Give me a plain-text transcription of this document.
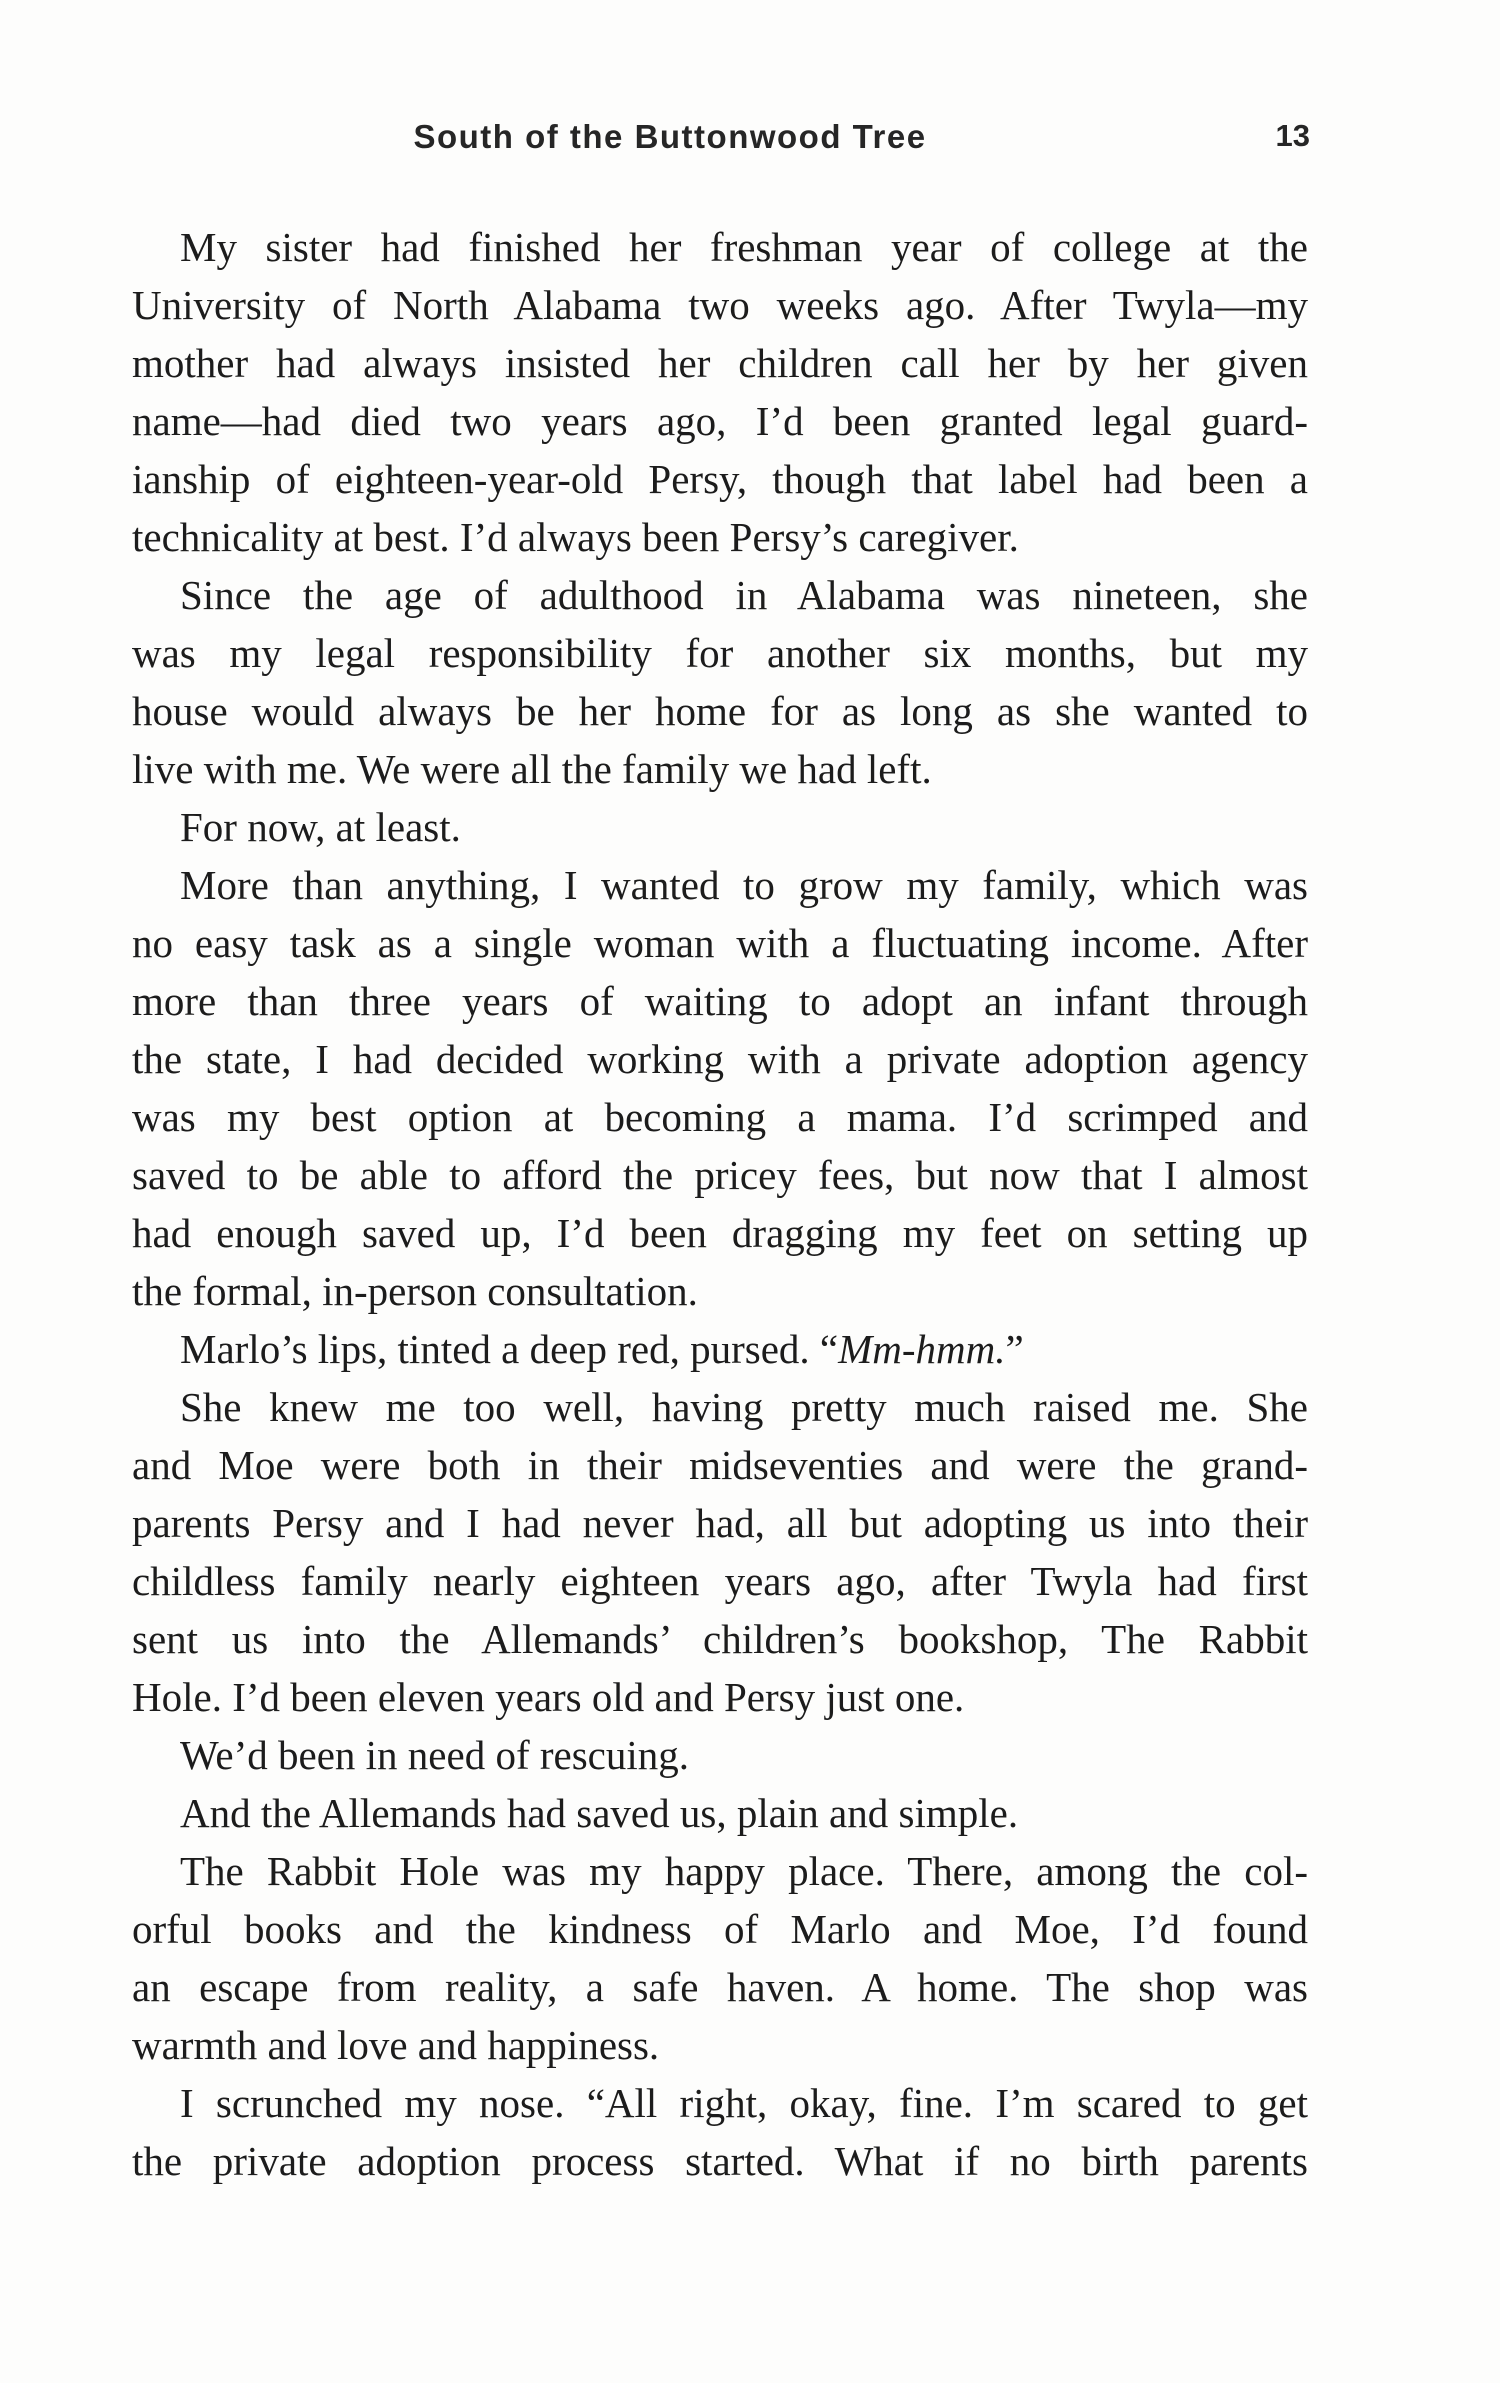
South of the Buttonwood Tree	13
My sister had finished her freshman year of college at the
University of North Alabama two weeks ago. After Twyla—my
mother had always insisted her children call her by her given
name—had died two years ago, I’d been granted legal guard-
ianship of eighteen-year-old Persy, though that label had been a
technicality at best. I’d always been Persy’s caregiver.
Since the age of adulthood in Alabama was nineteen, she
was my legal responsibility for another six months, but my
house would always be her home for as long as she wanted to
live with me. We were all the family we had left.
For now, at least.
More than anything, I wanted to grow my family, which was
no easy task as a single woman with a fluctuating income. After
more than three years of waiting to adopt an infant through
the state, I had decided working with a private adoption agency
was my best option at becoming a mama. I’d scrimped and
saved to be able to afford the pricey fees, but now that I almost
had enough saved up, I’d been dragging my feet on setting up
the formal, in-person consultation.
Marlo’s lips, tinted a deep red, pursed. “Mm-hmm.”
She knew me too well, having pretty much raised me. She
and Moe were both in their midseventies and were the grand-
parents Persy and I had never had, all but adopting us into their
childless family nearly eighteen years ago, after Twyla had first
sent us into the Allemands’ children’s bookshop, The Rabbit
Hole. I’d been eleven years old and Persy just one.
We’d been in need of rescuing.
And the Allemands had saved us, plain and simple.
The Rabbit Hole was my happy place. There, among the col-
orful books and the kindness of Marlo and Moe, I’d found
an escape from reality, a safe haven. A home. The shop was
warmth and love and happiness.
I scrunched my nose. “All right, okay, fine. I’m scared to get
the private adoption process started. What if no birth parents
